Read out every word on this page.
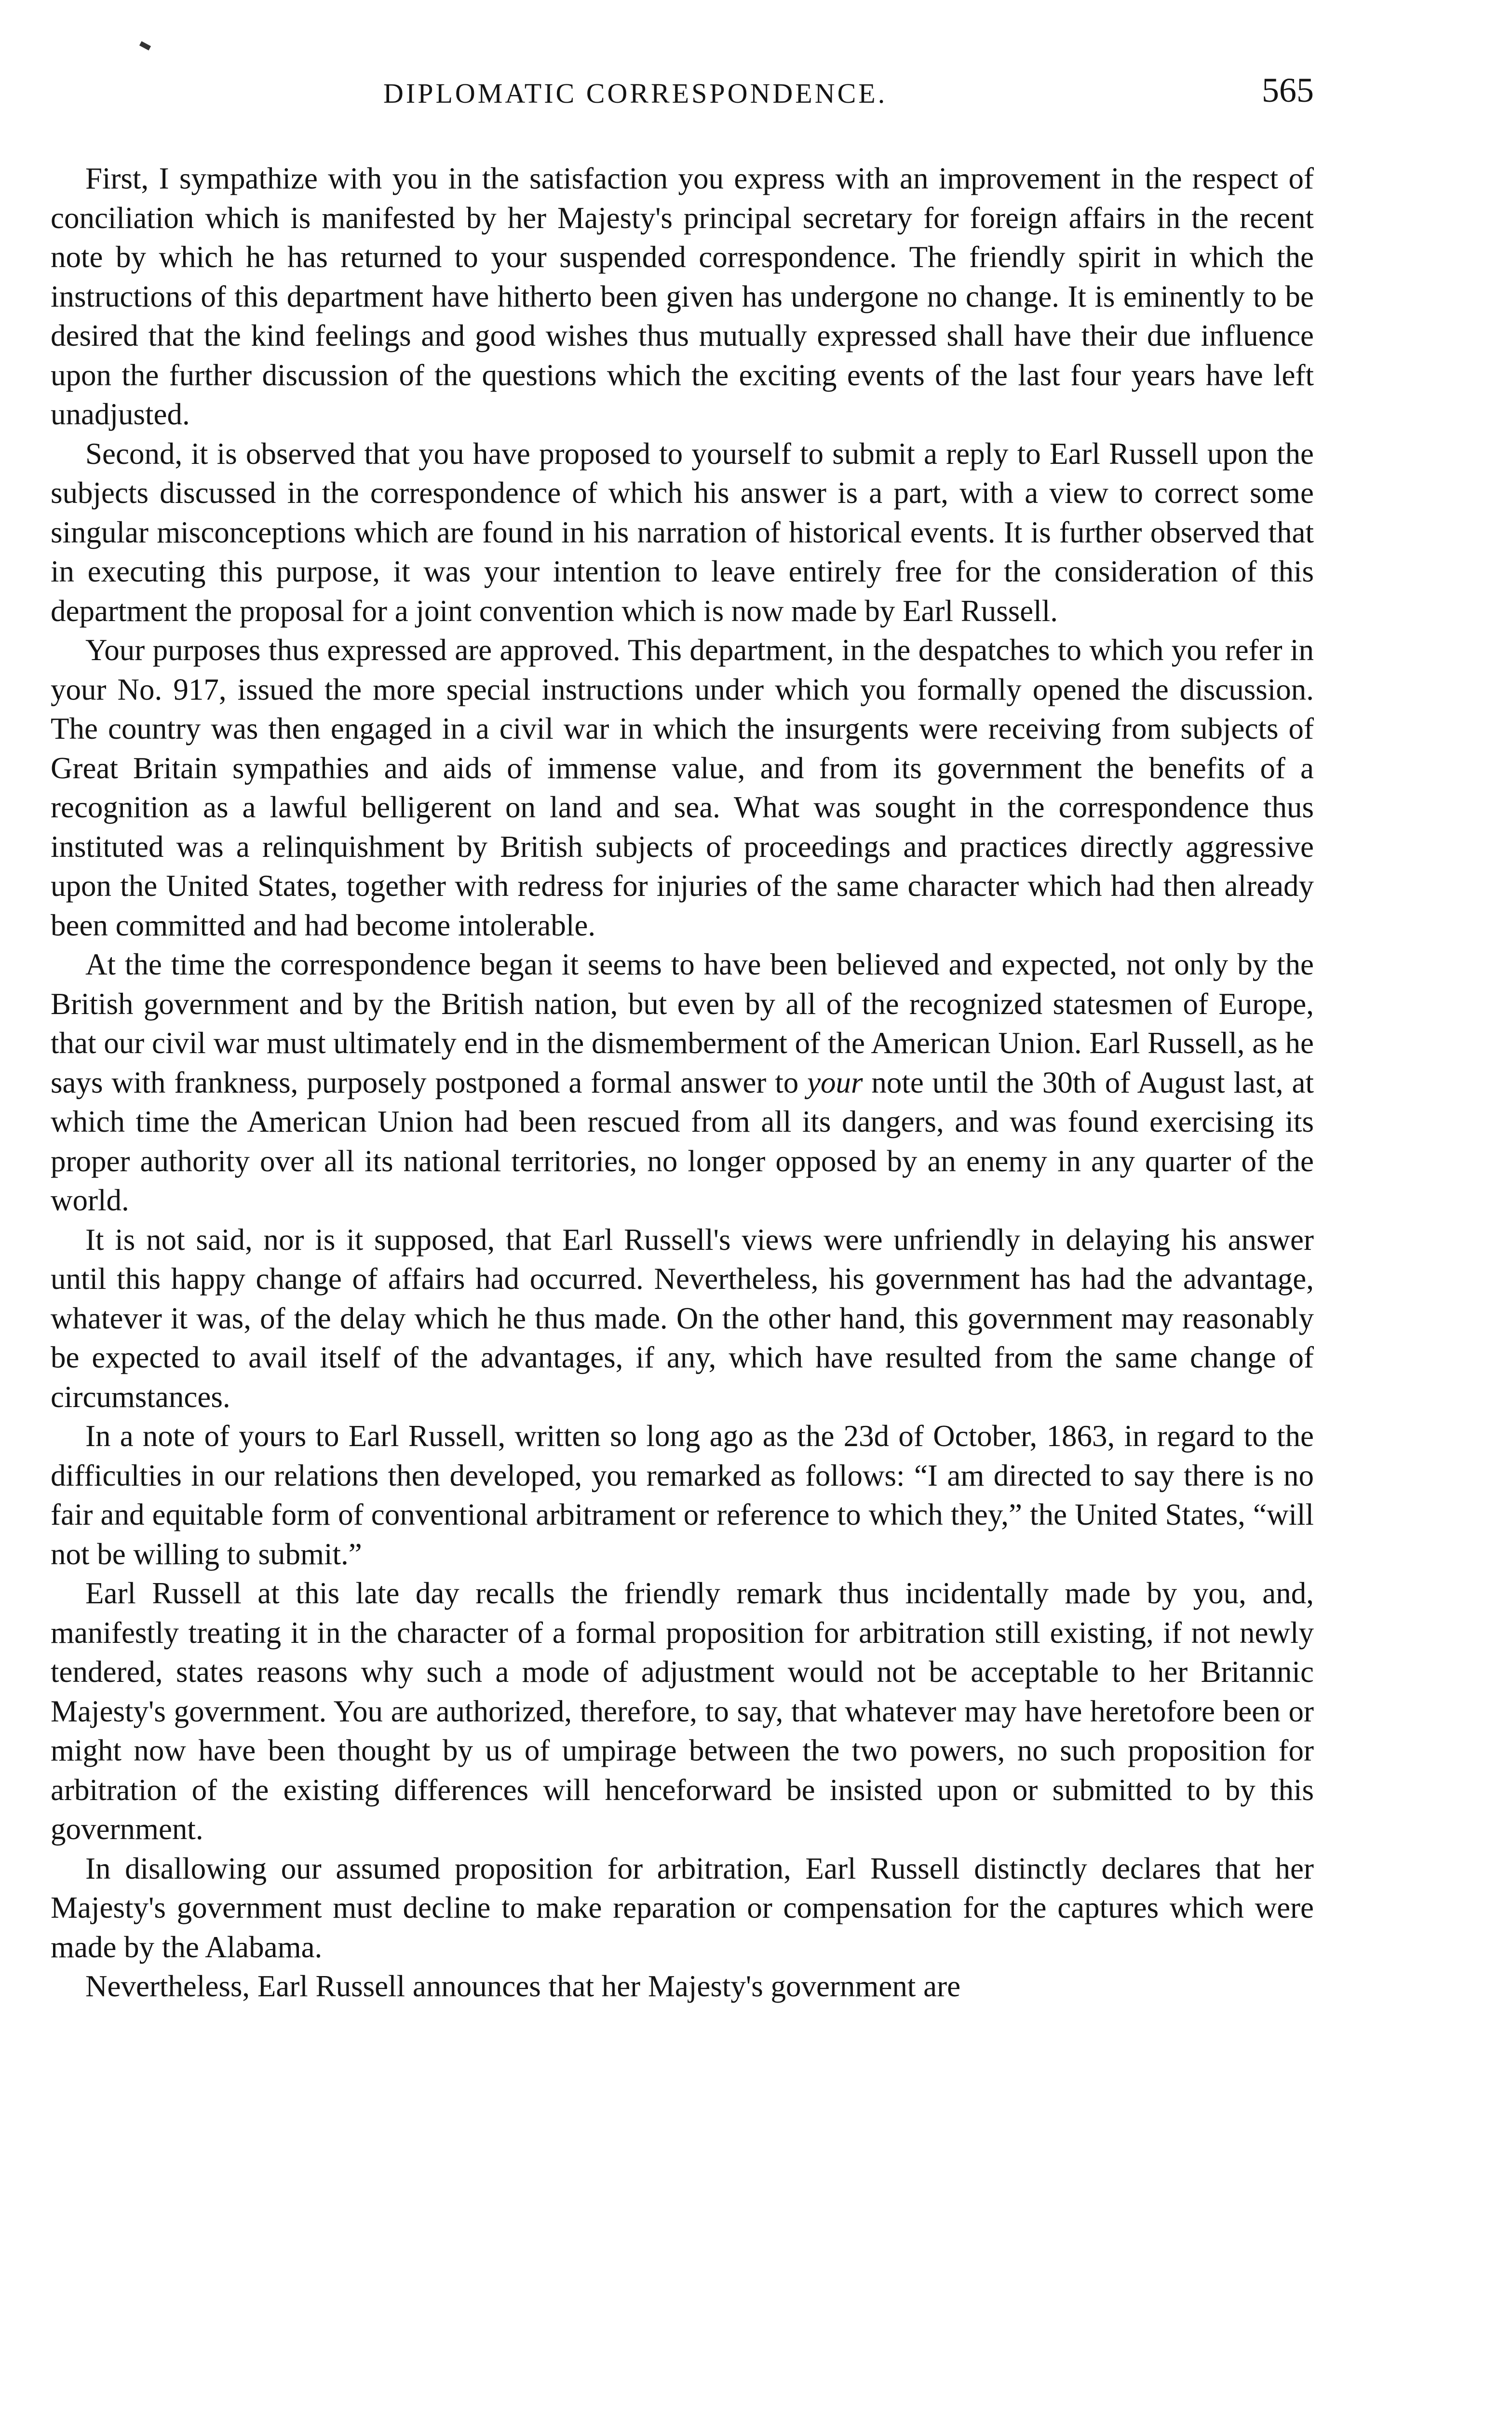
DIPLOMATIC CORRESPONDENCE.	565

First, I sympathize with you in the satisfaction you express with an improvement in the respect of conciliation which is manifested by her Majesty's principal secretary for foreign affairs in the recent note by which he has returned to your suspended correspondence. The friendly spirit in which the instructions of this department have hitherto been given has undergone no change. It is eminently to be desired that the kind feelings and good wishes thus mutually expressed shall have their due influence upon the further discussion of the questions which the exciting events of the last four years have left unadjusted.

Second, it is observed that you have proposed to yourself to submit a reply to Earl Russell upon the subjects discussed in the correspondence of which his answer is a part, with a view to correct some singular misconceptions which are found in his narration of historical events. It is further observed that in executing this purpose, it was your intention to leave entirely free for the consideration of this department the proposal for a joint convention which is now made by Earl Russell.

Your purposes thus expressed are approved. This department, in the despatches to which you refer in your No. 917, issued the more special instructions under which you formally opened the discussion. The country was then engaged in a civil war in which the insurgents were receiving from subjects of Great Britain sympathies and aids of immense value, and from its government the benefits of a recognition as a lawful belligerent on land and sea. What was sought in the correspondence thus instituted was a relinquishment by British subjects of proceedings and practices directly aggressive upon the United States, together with redress for injuries of the same character which had then already been committed and had become intolerable.

At the time the correspondence began it seems to have been believed and expected, not only by the British government and by the British nation, but even by all of the recognized statesmen of Europe, that our civil war must ultimately end in the dismemberment of the American Union. Earl Russell, as he says with frankness, purposely postponed a formal answer to your note until the 30th of August last, at which time the American Union had been rescued from all its dangers, and was found exercising its proper authority over all its national territories, no longer opposed by an enemy in any quarter of the world.

It is not said, nor is it supposed, that Earl Russell's views were unfriendly in delaying his answer until this happy change of affairs had occurred. Nevertheless, his government has had the advantage, whatever it was, of the delay which he thus made. On the other hand, this government may reasonably be expected to avail itself of the advantages, if any, which have resulted from the same change of circumstances.

In a note of yours to Earl Russell, written so long ago as the 23d of October, 1863, in regard to the difficulties in our relations then developed, you remarked as follows: “I am directed to say there is no fair and equitable form of conventional arbitrament or reference to which they,” the United States, “will not be willing to submit.”

Earl Russell at this late day recalls the friendly remark thus incidentally made by you, and, manifestly treating it in the character of a formal proposition for arbitration still existing, if not newly tendered, states reasons why such a mode of adjustment would not be acceptable to her Britannic Majesty's government. You are authorized, therefore, to say, that whatever may have heretofore been or might now have been thought by us of umpirage between the two powers, no such proposition for arbitration of the existing differences will henceforward be insisted upon or submitted to by this government.

In disallowing our assumed proposition for arbitration, Earl Russell distinctly declares that her Majesty's government must decline to make reparation or compensation for the captures which were made by the Alabama.

Nevertheless, Earl Russell announces that her Majesty's government are
